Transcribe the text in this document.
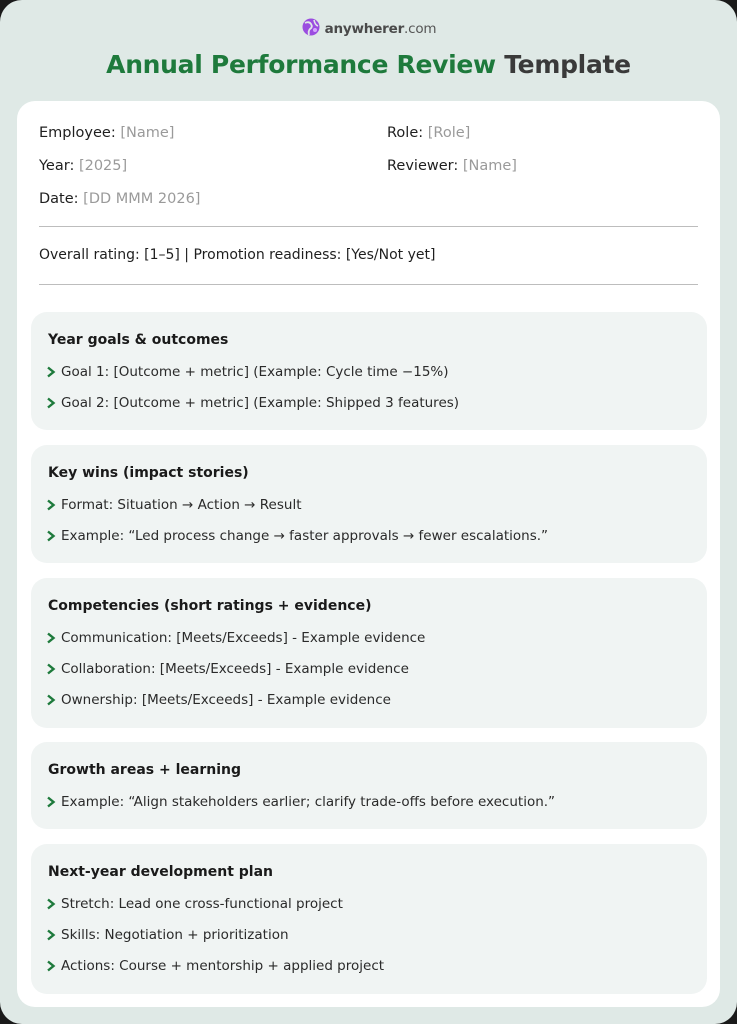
anywherer.com
Annual Performance Review Template
Employee: [Name]	Role: [Role]
Year: [2025]	Reviewer: [Name]
Date: [DD MMM 2026]
Overall rating: [1–5] | Promotion readiness: [Yes/Not yet]
Year goals & outcomes
Goal 1: [Outcome + metric] (Example: Cycle time −15%)
Goal 2: [Outcome + metric] (Example: Shipped 3 features)
Key wins (impact stories)
Format: Situation → Action → Result
Example: “Led process change → faster approvals → fewer escalations.”
Competencies (short ratings + evidence)
Communication: [Meets/Exceeds] - Example evidence
Collaboration: [Meets/Exceeds] - Example evidence
Ownership: [Meets/Exceeds] - Example evidence
Growth areas + learning
Example: “Align stakeholders earlier; clarify trade-offs before execution.”
Next-year development plan
Stretch: Lead one cross-functional project
Skills: Negotiation + prioritization
Actions: Course + mentorship + applied project
